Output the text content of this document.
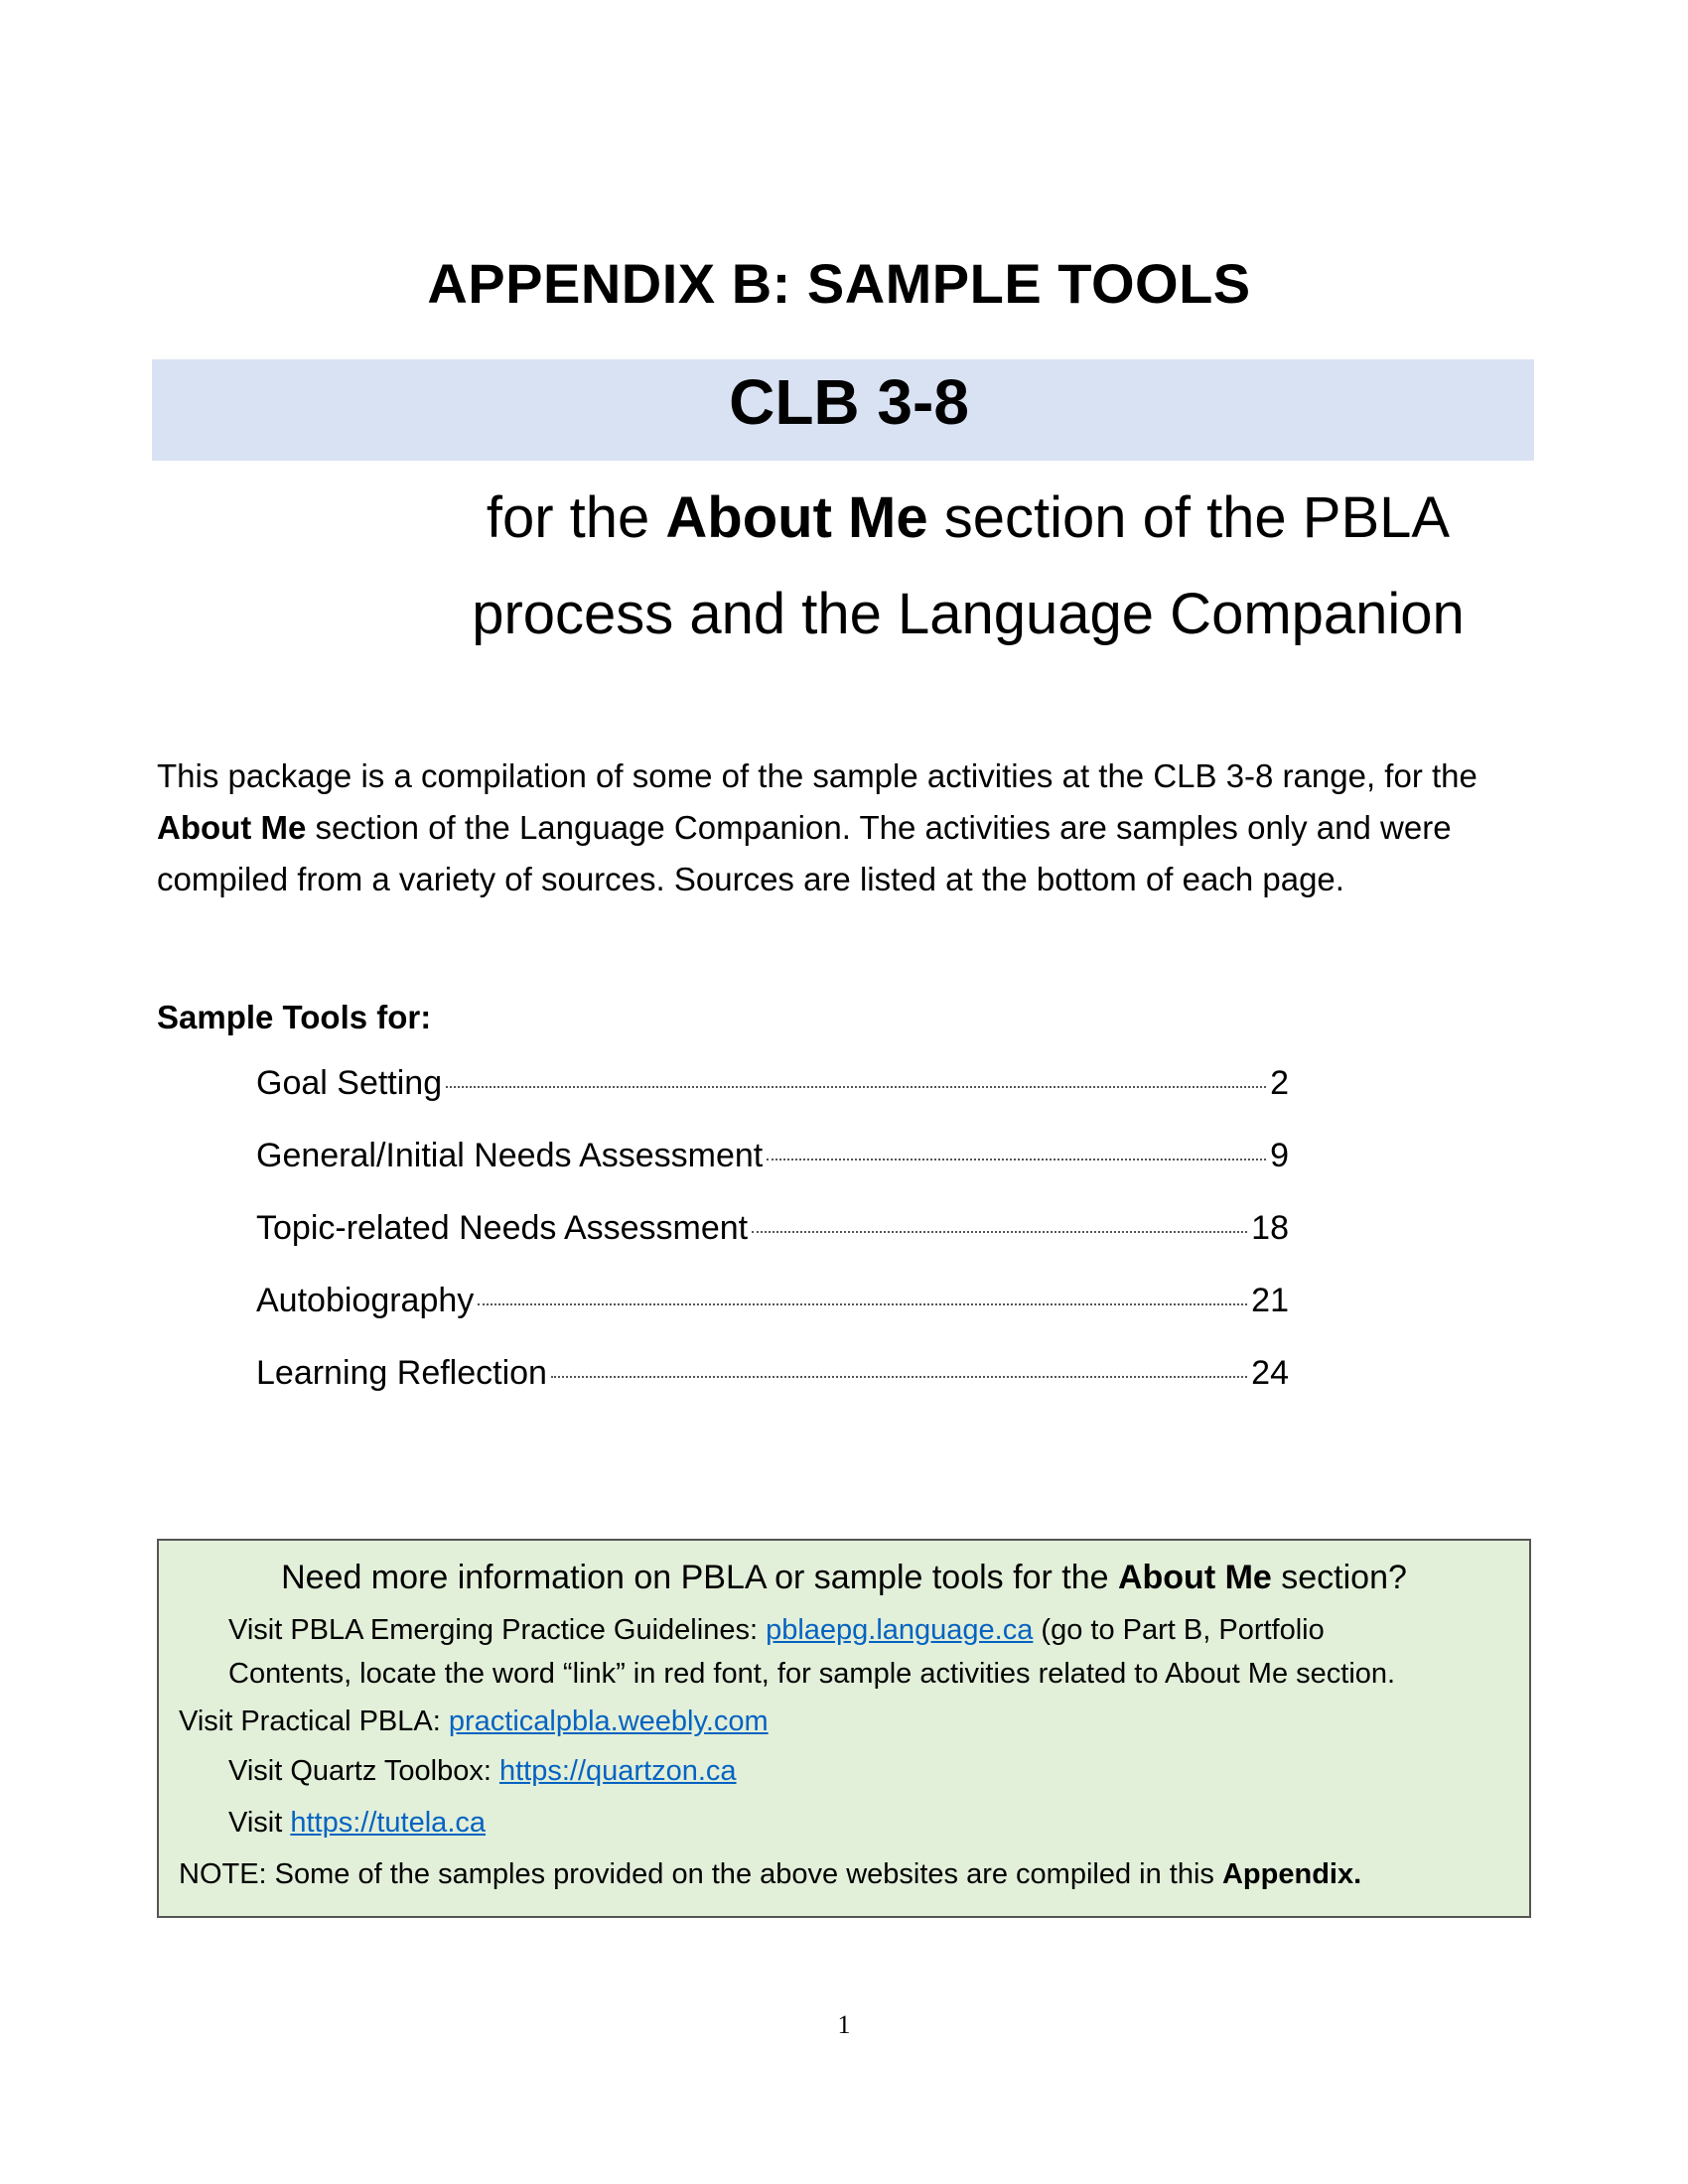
APPENDIX B: SAMPLE TOOLS
CLB 3-8
for the About Me section of the PBLA
process and the Language Companion
This package is a compilation of some of the sample activities at the CLB 3-8 range, for the About Me section of the Language Companion. The activities are samples only and were compiled from a variety of sources. Sources are listed at the bottom of each page.
Sample Tools for:
Goal Setting	2
General/Initial Needs Assessment	9
Topic-related Needs Assessment	18
Autobiography	21
Learning Reflection	24
Need more information on PBLA or sample tools for the About Me section?
Visit PBLA Emerging Practice Guidelines: pblaepg.language.ca (go to Part B, Portfolio
Contents, locate the word “link” in red font, for sample activities related to About Me section.
Visit Practical PBLA: practicalpbla.weebly.com
Visit Quartz Toolbox: https://quartzon.ca
Visit https://tutela.ca
NOTE: Some of the samples provided on the above websites are compiled in this Appendix.
1
